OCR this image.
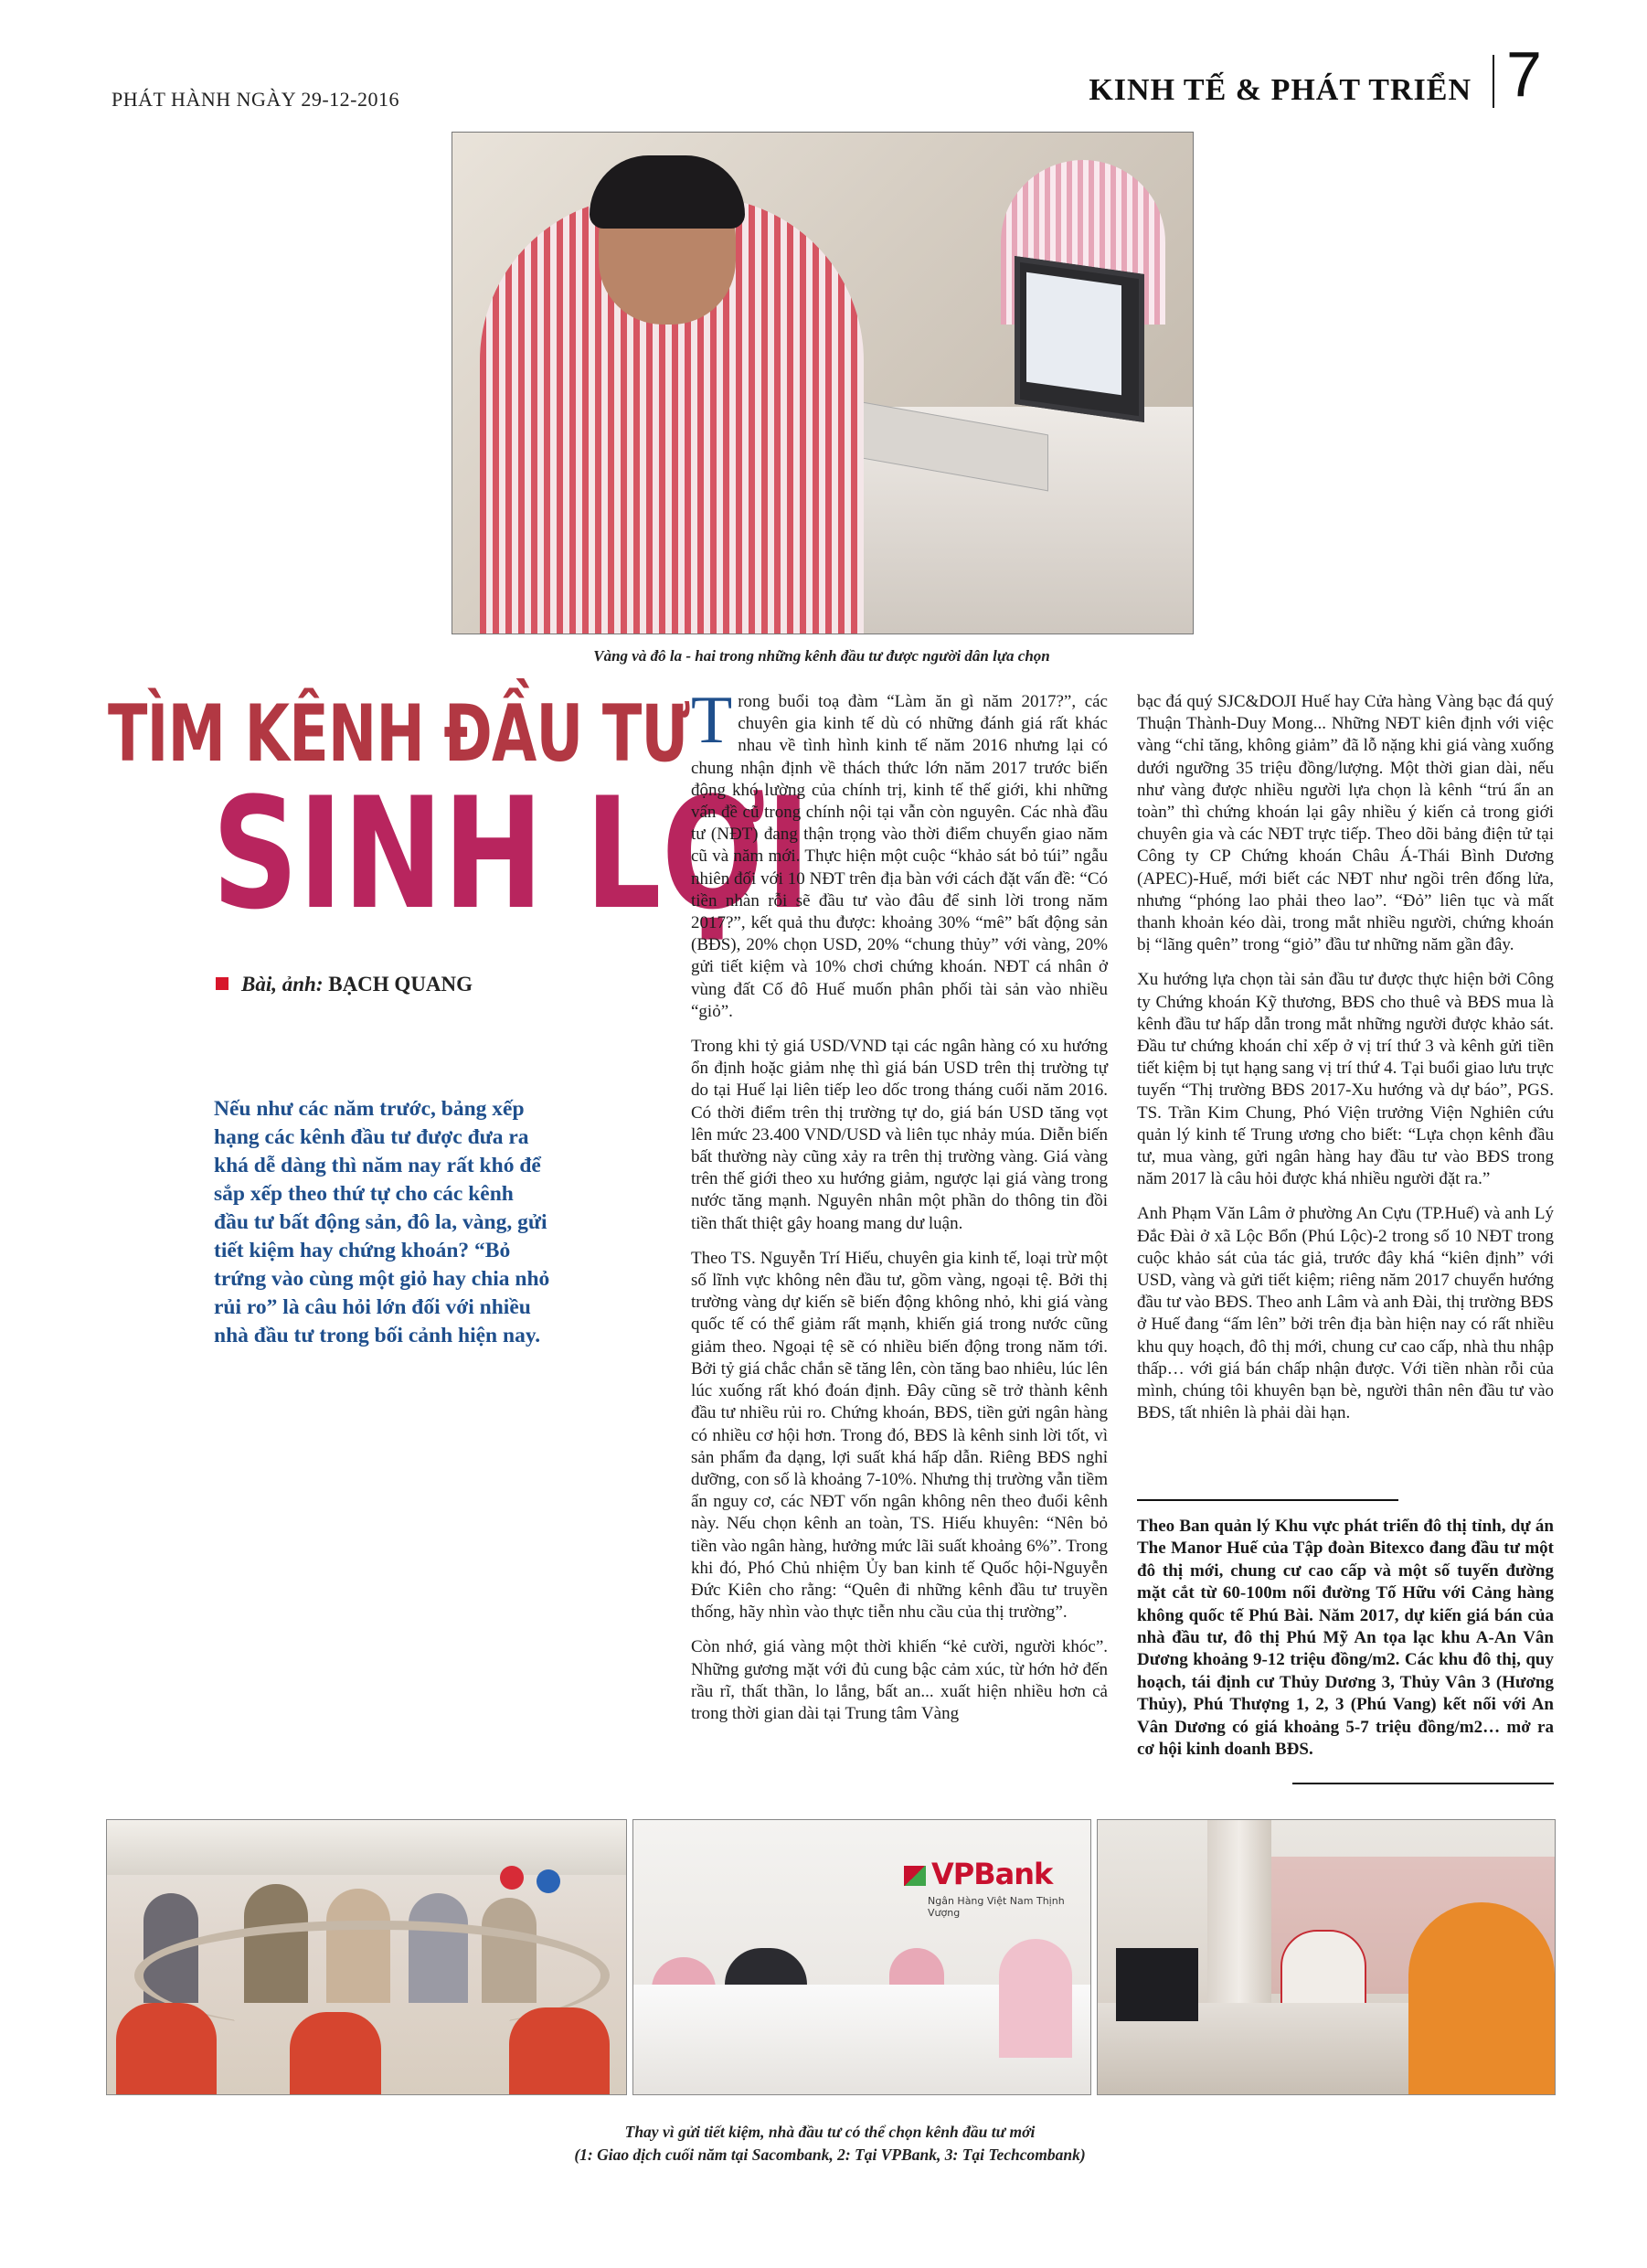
PHÁT HÀNH NGÀY 29-12-2016	KINH TẾ & PHÁT TRIỂN 7
Vàng và đô la - hai trong những kênh đầu tư được người dân lựa chọn
TÌM KÊNH ĐẦU TƯ
SINH LỢI
Bài, ảnh: BẠCH QUANG
Nếu như các năm trước, bảng xếp hạng các kênh đầu tư được đưa ra khá dễ dàng thì năm nay rất khó để sắp xếp theo thứ tự cho các kênh đầu tư bất động sản, đô la, vàng, gửi tiết kiệm hay chứng khoán? “Bỏ trứng vào cùng một giỏ hay chia nhỏ rủi ro” là câu hỏi lớn đối với nhiều nhà đầu tư trong bối cảnh hiện nay.

Trong buổi toạ đàm “Làm ăn gì năm 2017?”, các chuyên gia kinh tế dù có những đánh giá rất khác nhau về tình hình kinh tế năm 2016 nhưng lại có chung nhận định về thách thức lớn năm 2017 trước biến động khó lường của chính trị, kinh tế thế giới, khi những vấn đề cũ trong chính nội tại vẫn còn nguyên. Các nhà đầu tư (NĐT) đang thận trọng vào thời điểm chuyển giao năm cũ và năm mới. Thực hiện một cuộc “khảo sát bỏ túi” ngẫu nhiên đối với 10 NĐT trên địa bàn với cách đặt vấn đề: “Có tiền nhàn rỗi sẽ đầu tư vào đâu để sinh lời trong năm 2017?”, kết quả thu được: khoảng 30% “mê” bất động sản (BĐS), 20% chọn USD, 20% “chung thủy” với vàng, 20% gửi tiết kiệm và 10% chơi chứng khoán. NĐT cá nhân ở vùng đất Cố đô Huế muốn phân phối tài sản vào nhiều “giỏ”.

Trong khi tỷ giá USD/VND tại các ngân hàng có xu hướng ổn định hoặc giảm nhẹ thì giá bán USD trên thị trường tự do tại Huế lại liên tiếp leo dốc trong tháng cuối năm 2016. Có thời điểm trên thị trường tự do, giá bán USD tăng vọt lên mức 23.400 VND/USD và liên tục nhảy múa. Diễn biến bất thường này cũng xảy ra trên thị trường vàng. Giá vàng trên thế giới theo xu hướng giảm, ngược lại giá vàng trong nước tăng mạnh. Nguyên nhân một phần do thông tin đồi tiền thất thiệt gây hoang mang dư luận.

Theo TS. Nguyễn Trí Hiếu, chuyên gia kinh tế, loại trừ một số lĩnh vực không nên đầu tư, gồm vàng, ngoại tệ. Bởi thị trường vàng dự kiến sẽ biến động không nhỏ, khi giá vàng quốc tế có thể giảm rất mạnh, khiến giá trong nước cũng giảm theo. Ngoại tệ sẽ có nhiều biến động trong năm tới. Bởi tỷ giá chắc chắn sẽ tăng lên, còn tăng bao nhiêu, lúc lên lúc xuống rất khó đoán định. Đây cũng sẽ trở thành kênh đầu tư nhiều rủi ro. Chứng khoán, BĐS, tiền gửi ngân hàng có nhiều cơ hội hơn. Trong đó, BĐS là kênh sinh lời tốt, vì sản phẩm đa dạng, lợi suất khá hấp dẫn. Riêng BĐS nghỉ dưỡng, con số là khoảng 7-10%. Nhưng thị trường vẫn tiềm ẩn nguy cơ, các NĐT vốn ngân không nên theo đuổi kênh này. Nếu chọn kênh an toàn, TS. Hiếu khuyên: “Nên bỏ tiền vào ngân hàng, hưởng mức lãi suất khoảng 6%”. Trong khi đó, Phó Chủ nhiệm Ủy ban kinh tế Quốc hội-Nguyễn Đức Kiên cho rằng: “Quên đi những kênh đầu tư truyền thống, hãy nhìn vào thực tiễn nhu cầu của thị trường”.

Còn nhớ, giá vàng một thời khiến “kẻ cười, người khóc”. Những gương mặt với đủ cung bậc cảm xúc, từ hớn hở đến rầu rĩ, thất thần, lo lắng, bất an... xuất hiện nhiều hơn cả trong thời gian dài tại Trung tâm Vàng

bạc đá quý SJC&DOJI Huế hay Cửa hàng Vàng bạc đá quý Thuận Thành-Duy Mong... Những NĐT kiên định với việc vàng “chỉ tăng, không giảm” đã lỗ nặng khi giá vàng xuống dưới ngưỡng 35 triệu đồng/lượng. Một thời gian dài, nếu như vàng được nhiều người lựa chọn là kênh “trú ẩn an toàn” thì chứng khoán lại gây nhiều ý kiến cả trong giới chuyên gia và các NĐT trực tiếp. Theo dõi bảng điện tử tại Công ty CP Chứng khoán Châu Á-Thái Bình Dương (APEC)-Huế, mới biết các NĐT như ngồi trên đống lửa, nhưng “phóng lao phải theo lao”. “Đỏ” liên tục và mất thanh khoản kéo dài, trong mắt nhiều người, chứng khoán bị “lãng quên” trong “giỏ” đầu tư những năm gần đây.

Xu hướng lựa chọn tài sản đầu tư được thực hiện bởi Công ty Chứng khoán Kỹ thương, BĐS cho thuê và BĐS mua là kênh đầu tư hấp dẫn trong mắt những người được khảo sát. Đầu tư chứng khoán chỉ xếp ở vị trí thứ 3 và kênh gửi tiền tiết kiệm bị tụt hạng sang vị trí thứ 4. Tại buổi giao lưu trực tuyến “Thị trường BĐS 2017-Xu hướng và dự báo”, PGS. TS. Trần Kim Chung, Phó Viện trưởng Viện Nghiên cứu quản lý kinh tế Trung ương cho biết: “Lựa chọn kênh đầu tư, mua vàng, gửi ngân hàng hay đầu tư vào BĐS trong năm 2017 là câu hỏi được khá nhiều người đặt ra.”

Anh Phạm Văn Lâm ở phường An Cựu (TP.Huế) và anh Lý Đắc Đài ở xã Lộc Bổn (Phú Lộc)-2 trong số 10 NĐT trong cuộc khảo sát của tác giả, trước đây khá “kiên định” với USD, vàng và gửi tiết kiệm; riêng năm 2017 chuyển hướng đầu tư vào BĐS. Theo anh Lâm và anh Đài, thị trường BĐS ở Huế đang “ấm lên” bởi trên địa bàn hiện nay có rất nhiều khu quy hoạch, đô thị mới, chung cư cao cấp, nhà thu nhập thấp… với giá bán chấp nhận được. Với tiền nhàn rỗi của mình, chúng tôi khuyên bạn bè, người thân nên đầu tư vào BĐS, tất nhiên là phải dài hạn.

Theo Ban quản lý Khu vực phát triển đô thị tỉnh, dự án The Manor Huế của Tập đoàn Bitexco đang đầu tư một đô thị mới, chung cư cao cấp và một số tuyến đường mặt cắt từ 60-100m nối đường Tố Hữu với Cảng hàng không quốc tế Phú Bài. Năm 2017, dự kiến giá bán của nhà đầu tư, đô thị Phú Mỹ An tọa lạc khu A-An Vân Dương khoảng 9-12 triệu đồng/m2. Các khu đô thị, quy hoạch, tái định cư Thủy Dương 3, Thủy Vân 3 (Hương Thủy), Phú Thượng 1, 2, 3 (Phú Vang) kết nối với An Vân Dương có giá khoảng 5-7 triệu đồng/m2… mở ra cơ hội kinh doanh BĐS.
VPBank
Ngân Hàng Việt Nam Thịnh Vượng
Thay vì gửi tiết kiệm, nhà đầu tư có thể chọn kênh đầu tư mới
(1: Giao dịch cuối năm tại Sacombank, 2: Tại VPBank, 3: Tại Techcombank)
